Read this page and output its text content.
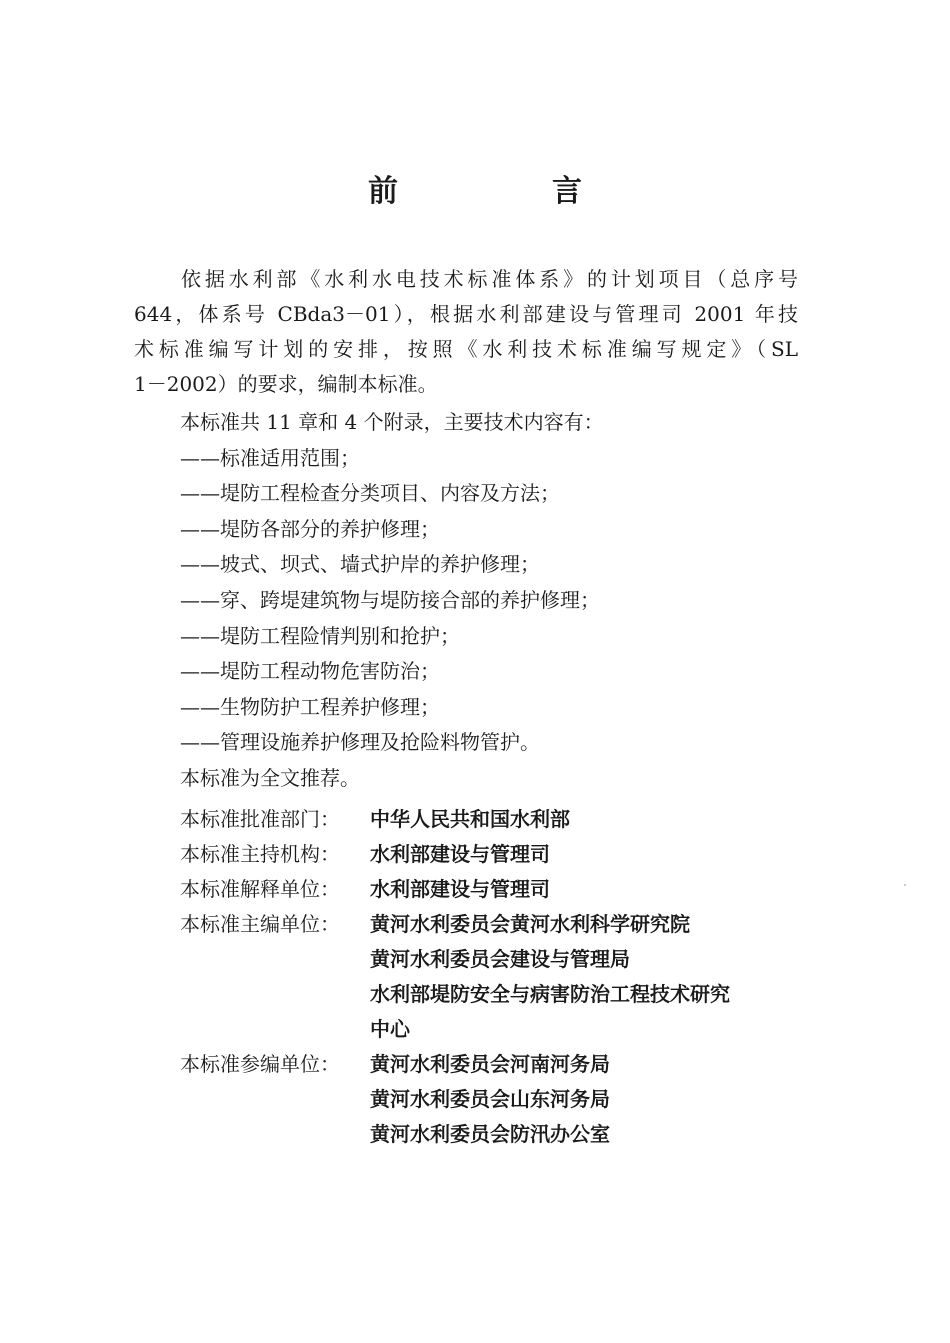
前　言
依据水利部《水利水电技术标准体系》的计划项目（总序号
644，体系号 CBda3－01），根据水利部建设与管理司 2001 年技
术标准编写计划的安排，按照《水利技术标准编写规定》（SL
1－2002）的要求，编制本标准。
本标准共 11 章和 4 个附录，主要技术内容有：
——标准适用范围；
——堤防工程检查分类项目、内容及方法；
——堤防各部分的养护修理；
——坡式、坝式、墙式护岸的养护修理；
——穿、跨堤建筑物与堤防接合部的养护修理；
——堤防工程险情判别和抢护；
——堤防工程动物危害防治；
——生物防护工程养护修理；
——管理设施养护修理及抢险料物管护。
本标准为全文推荐。
本标准批准部门：	中华人民共和国水利部
本标准主持机构：	水利部建设与管理司
本标准解释单位：	水利部建设与管理司
本标准主编单位：	黄河水利委员会黄河水利科学研究院
黄河水利委员会建设与管理局
水利部堤防安全与病害防治工程技术研究
中心
本标准参编单位：	黄河水利委员会河南河务局
黄河水利委员会山东河务局
黄河水利委员会防汛办公室
